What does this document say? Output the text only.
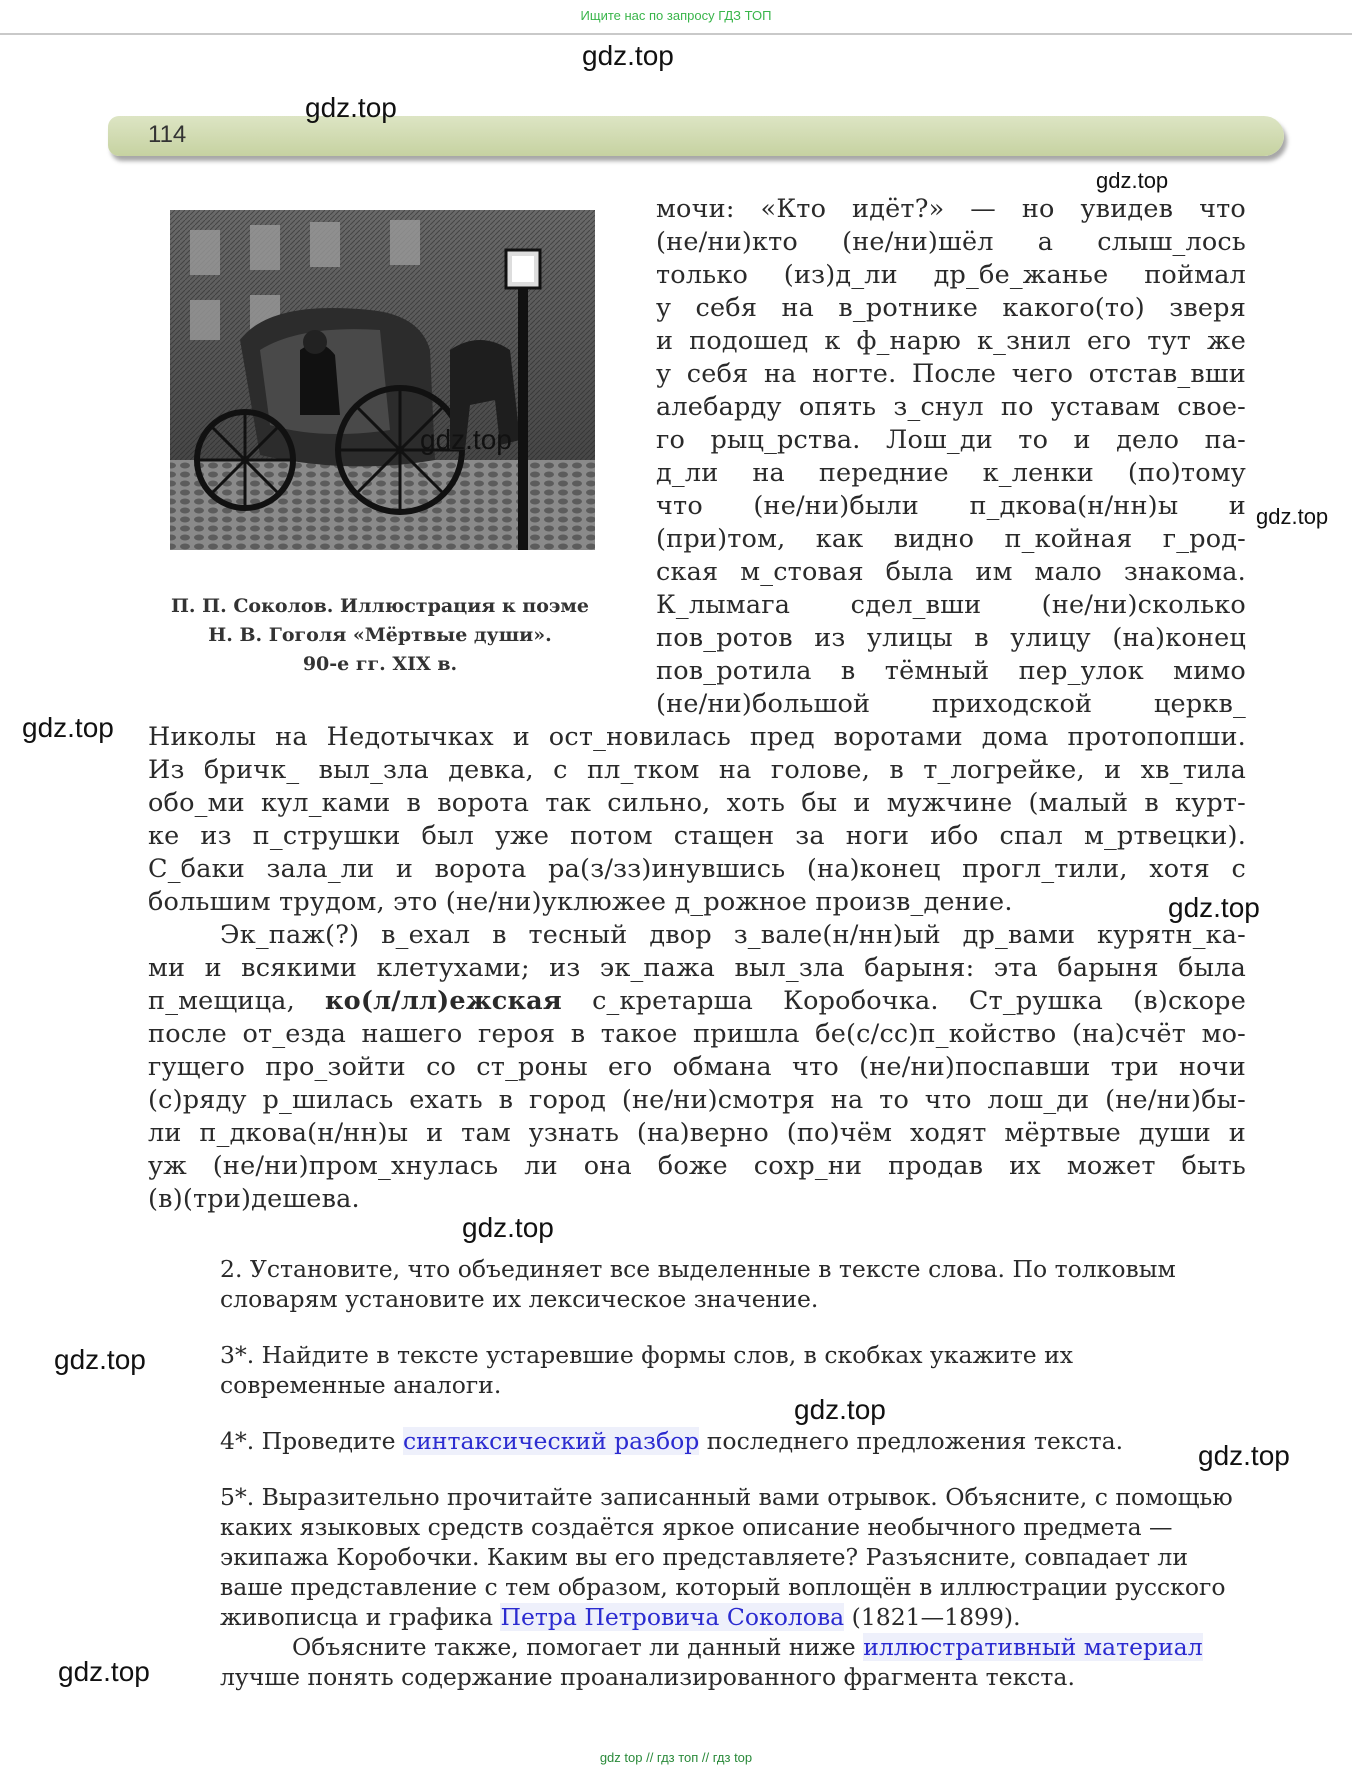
Ищите нас по запросу ГДЗ ТОП
114
П. П. Соколов. Иллюстрация к поэме
Н. В. Гоголя «Мёртвые души».
90-е гг. XIX в.
мочи: «Кто идёт?» — но увидев что
(не/ни)кто (не/ни)шёл а слыш_лось
только (из)д_ли др_бе_жанье поймал
у себя на в_ротнике какого(то) зверя
и подошед к ф_нарю к_знил его тут же
у себя на ногте. После чего отстав_вши
алебарду опять з_снул по уставам свое-
го рыц_рства. Лош_ди то и дело па-
д_ли на передние к_ленки (по)тому
что (не/ни)были п_дкова(н/нн)ы и
(при)том, как видно п_койная г_род-
ская м_стовая была им мало знакома.
К_лымага сдел_вши (не/ни)сколько
пов_ротов из улицы в улицу (на)конец
пов_ротила в тёмный пер_улок мимо
(не/ни)большой приходской церкв_
Николы на Недотычках и ост_новилась пред воротами дома протопопши.
Из бричк_ выл_зла девка, с пл_тком на голове, в т_логрейке, и хв_тила
обо_ми кул_ками в ворота так сильно, хоть бы и мужчине (малый в курт-
ке из п_струшки был уже потом стащен за ноги ибо спал м_ртвецки).
С_баки зала_ли и ворота ра(з/зз)инувшись (на)конец прогл_тили, хотя с
большим трудом, это (не/ни)уклюжее д_рожное произв_дение.
Эк_паж(?) в_ехал в тесный двор з_вале(н/нн)ый др_вами курятн_ка-
ми и всякими клетухами; из эк_пажа выл_зла барыня: эта барыня была
п_мещица, ко(л/лл)ежская с_кретарша Коробочка. Ст_рушка (в)скоре
после от_езда нашего героя в такое пришла бе(с/сс)п_койство (на)счёт мо-
гущего про_зойти со ст_роны его обмана что (не/ни)поспавши три ночи
(с)ряду р_шилась ехать в город (не/ни)смотря на то что лош_ди (не/ни)бы-
ли п_дкова(н/нн)ы и там узнать (на)верно (по)чём ходят мёртвые души и
уж (не/ни)пром_хнулась ли она боже сохр_ни продав их может быть
(в)(три)дешева.

2. Установите, что объединяет все выделенные в тексте слова. По толковым словарям установите их лексическое значение.

3*. Найдите в тексте устаревшие формы слов, в скобках укажите их современные аналоги.

4*. Проведите синтаксический разбор последнего предложения текста.

5*. Выразительно прочитайте записанный вами отрывок. Объясните, с помощью каких языковых средств создаётся яркое описание необычного предмета — экипажа Коробочки. Каким вы его представляете? Разъясните, совпадает ли ваше представление с тем образом, который воплощён в иллюстрации русского живописца и графика Петра Петровича Соколова (1821—1899).

Объясните также, помогает ли данный ниже иллюстративный материал лучше понять содержание проанализированного фрагмента текста.

gdz.top
gdz.top
gdz.top
gdz.top
gdz.top
gdz.top
gdz.top
gdz.top
gdz.top
gdz.top
gdz.top
gdz.top
gdz top // гдз топ // гдз top
